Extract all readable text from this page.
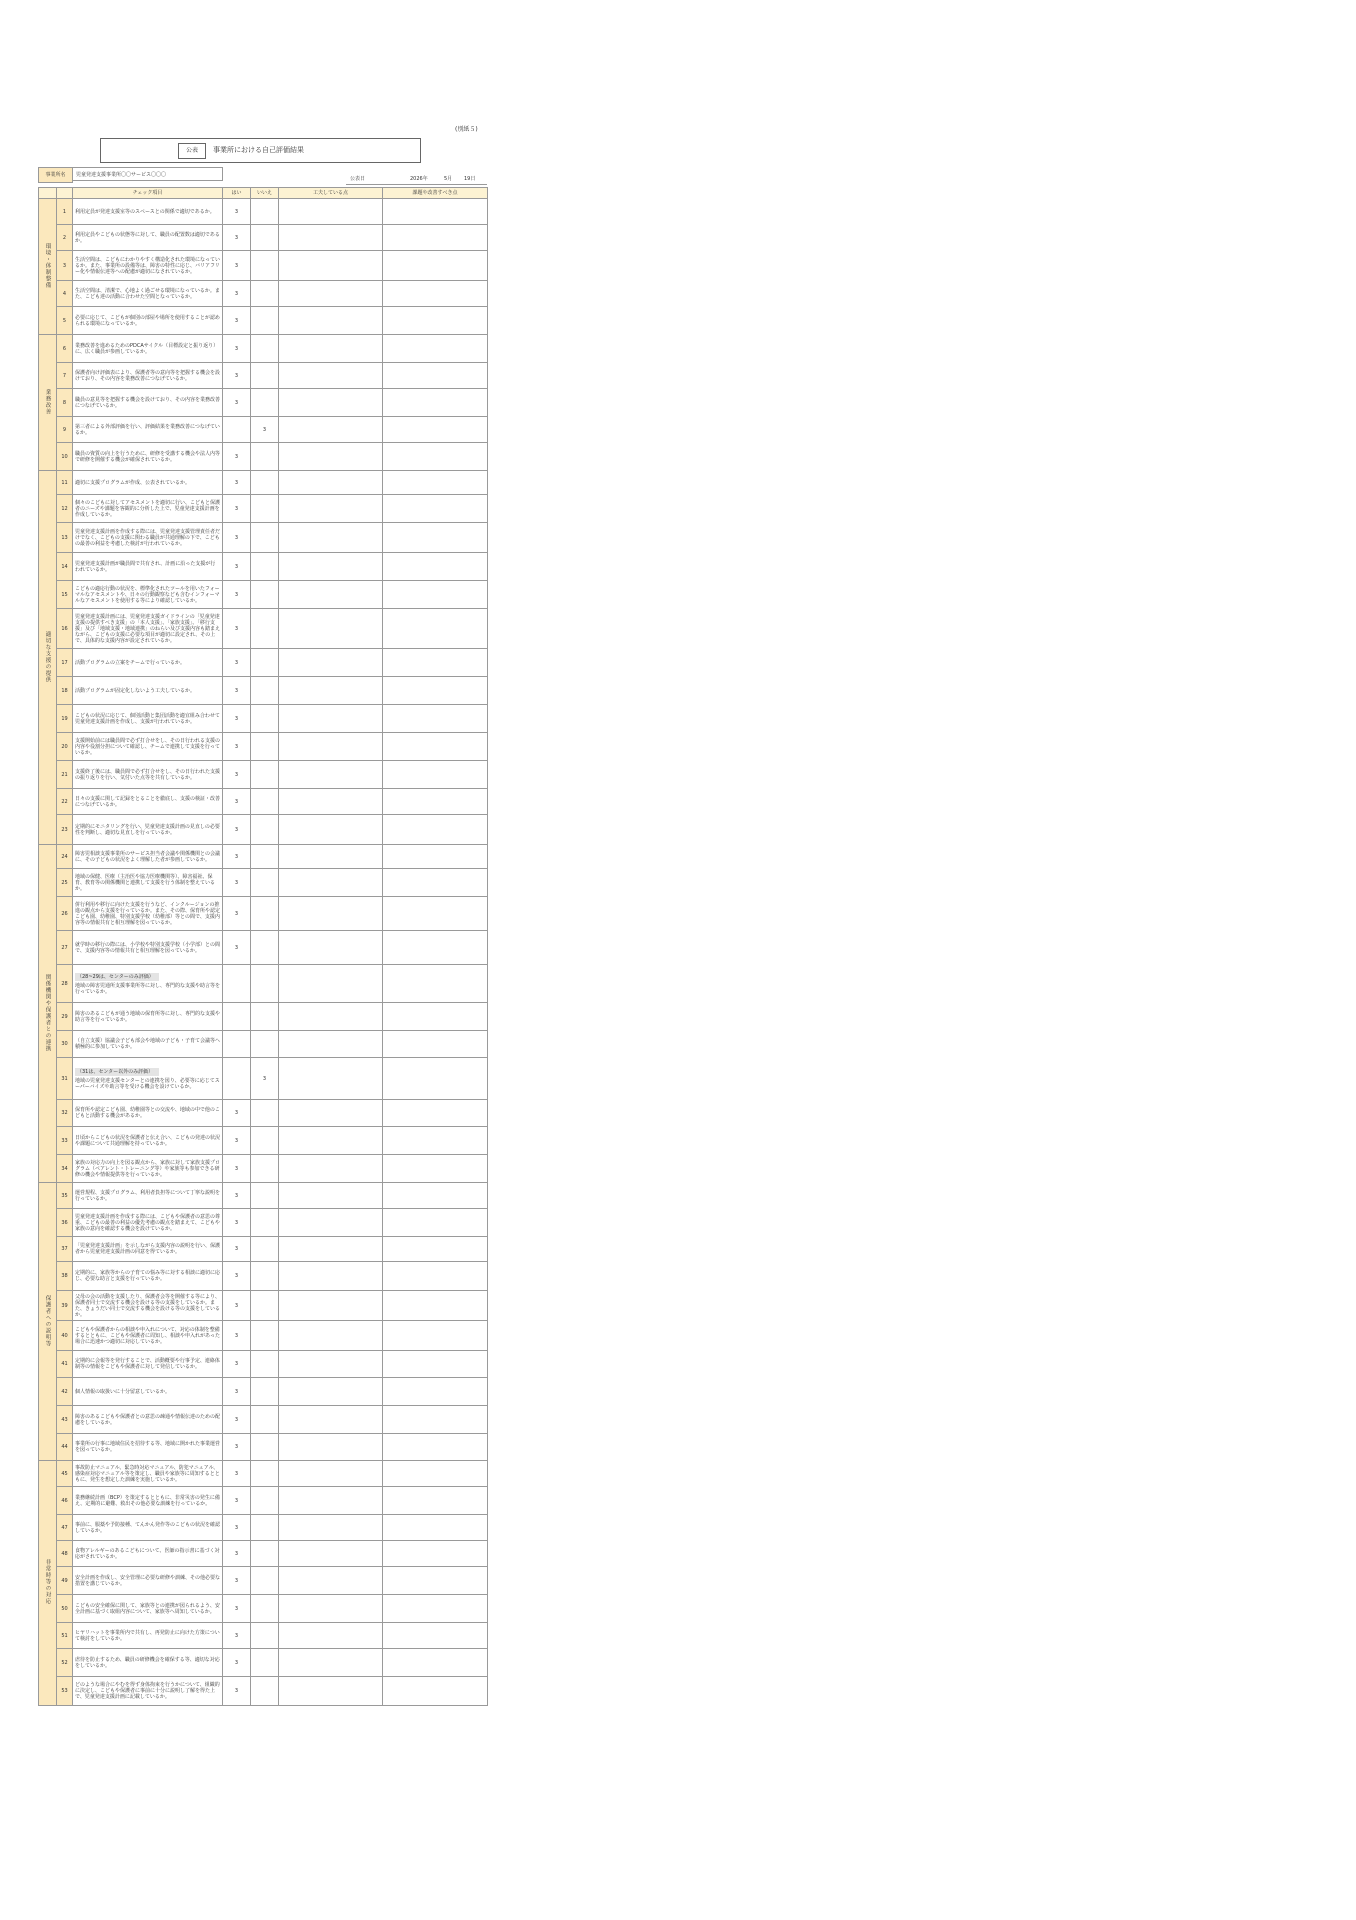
(別紙５)
公表	事業所における自己評価結果
事業所名	児童発達支援事業所〇〇サービス〇〇〇
公表日	2026年	5月 19日
		チェック項目	はい	いいえ	工夫している点	課題や改善すべき点
環境・体制整備	1	利用定員が発達支援室等のスペースとの関係で適切であるか。	3			
	2	利用定員やこどもの状態等に対して、職員の配置数は適切であるか。	3			
	3	生活空間は、こどもにわかりやすく構造化された環境になっているか。また、事業所の設備等は、障害の特性に応じ、バリアフリー化や情報伝達等への配慮が適切になされているか。	3			
	4	生活空間は、清潔で、心地よく過ごせる環境になっているか。また、こども達の活動に合わせた空間となっているか。	3			
	5	必要に応じて、こどもが個別の部屋や場所を使用することが認められる環境になっているか。	3			
業務改善	6	業務改善を進めるためのPDCAサイクル（目標設定と振り返り）に、広く職員が参画しているか。	3			
	7	保護者向け評価表により、保護者等の意向等を把握する機会を設けており、その内容を業務改善につなげているか。	3			
	8	職員の意見等を把握する機会を設けており、その内容を業務改善につなげているか。	3			
	9	第三者による外部評価を行い、評価結果を業務改善につなげているか。		3		
	10	職員の資質の向上を行うために、研修を受講する機会や法人内等で研修を開催する機会が確保されているか。	3			
適切な支援の提供	11	適切に支援プログラムが作成、公表されているか。	3			
	12	個々のこどもに対してアセスメントを適切に行い、こどもと保護者のニーズや課題を客観的に分析した上で、児童発達支援計画を作成しているか。	3			
	13	児童発達支援計画を作成する際には、児童発達支援管理責任者だけでなく、こどもの支援に関わる職員が共通理解の下で、こどもの最善の利益を考慮した検討が行われているか。	3			
	14	児童発達支援計画が職員間で共有され、計画に沿った支援が行われているか。	3			
	15	こどもの適応行動の状況を、標準化されたツールを用いたフォーマルなアセスメントや、日々の行動観察なども含むインフォーマルなアセスメントを使用する等により確認しているか。	3			
	16	児童発達支援計画には、児童発達支援ガイドラインの「児童発達支援の提供すべき支援」の「本人支援」、「家族支援」、「移行支援」及び「地域支援・地域連携」のねらい及び支援内容も踏まえながら、こどもの支援に必要な項目が適切に設定され、その上で、具体的な支援内容が設定されているか。	3			
	17	活動プログラムの立案をチームで行っているか。	3			
	18	活動プログラムが固定化しないよう工夫しているか。	3			
	19	こどもの状況に応じて、個別活動と集団活動を適宜組み合わせて児童発達支援計画を作成し、支援が行われているか。	3			
	20	支援開始前には職員間で必ず打合せをし、その日行われる支援の内容や役割分担について確認し、チームで連携して支援を行っているか。	3			
	21	支援終了後には、職員間で必ず打合せをし、その日行われた支援の振り返りを行い、気付いた点等を共有しているか。	3			
	22	日々の支援に関して記録をとることを徹底し、支援の検証・改善につなげているか。	3			
	23	定期的にモニタリングを行い、児童発達支援計画の見直しの必要性を判断し、適切な見直しを行っているか。	3			
関係機関や保護者との連携	24	障害児相談支援事業所のサービス担当者会議や関係機関との会議に、その子どもの状況をよく理解した者が参画しているか。	3			
	25	地域の保健、医療（主治医や協力医療機関等）、障害福祉、保育、教育等の関係機関と連携して支援を行う体制を整えているか。	3			
	26	併行利用や移行に向けた支援を行うなど、インクルージョンの推進の観点から支援を行っているか。また、その際、保育所や認定こども園、幼稚園、特別支援学校（幼稚部）等との間で、支援内容等の情報共有と相互理解を図っているか。	3			
	27	就学時の移行の際には、小学校や特別支援学校（小学部）との間で、支援内容等の情報共有と相互理解を図っているか。	3			
	28	（28~29は、センターのみ評価）
地域の障害児通所支援事業所等に対し、専門的な支援や助言等を行っているか。				

	29	障害のあるこどもが通う地域の保育所等に対し、専門的な支援や助言等を行っているか。				

	30	（自立支援）協議会子ども部会や地域の子ども・子育て会議等へ積極的に参加しているか。				

	31	（31は、センター以外のみ評価）
地域の児童発達支援センターとの連携を図り、必要等に応じてスーパーバイズや助言等を受ける機会を設けているか。		3		
	32	保育所や認定こども園、幼稚園等との交流や、地域の中で他のこどもと活動する機会があるか。	3			
	33	日頃からこどもの状況を保護者と伝え合い、こどもの発達の状況や課題について共通理解を持っているか。	3			
	34	家族の対応力の向上を図る観点から、家族に対して家族支援プログラム（ペアレント・トレーニング等）や家族等も参加できる研修の機会や情報提供等を行っているか。	3			
保護者への説明等	35	運営規程、支援プログラム、利用者負担等について丁寧な説明を行っているか。	3			
	36	児童発達支援計画を作成する際には、こどもや保護者の意思の尊重、こどもの最善の利益の優先考慮の観点を踏まえて、こどもや家族の意向を確認する機会を設けているか。	3			
	37	「児童発達支援計画」を示しながら支援内容の説明を行い、保護者から児童発達支援計画の同意を得ているか。	3			
	38	定期的に、家族等からの子育ての悩み等に対する相談に適切に応じ、必要な助言と支援を行っているか。	3			
	39	父母の会の活動を支援したり、保護者会等を開催する等により、保護者同士で交流する機会を設ける等の支援をしているか。また、きょうだい同士で交流する機会を設ける等の支援をしているか。	3			
	40	こどもや保護者からの相談や申入れについて、対応の体制を整備するとともに、こどもや保護者に周知し、相談や申入れがあった場合に迅速かつ適切に対応しているか。	3			
	41	定期的に会報等を発行することで、活動概要や行事予定、連絡体制等の情報をこどもや保護者に対して発信しているか。	3			
	42	個人情報の取扱いに十分留意しているか。	3			
	43	障害のあるこどもや保護者との意思の疎通や情報伝達のための配慮をしているか。	3			
	44	事業所の行事に地域住民を招待する等、地域に開かれた事業運営を図っているか。	3			
非常時等の対応	45	事故防止マニュアル、緊急時対応マニュアル、防犯マニュアル、感染症対応マニュアル等を策定し、職員や家族等に周知するとともに、発生を想定した訓練を実施しているか。	3			
	46	業務継続計画（BCP）を策定するとともに、非常災害の発生に備え、定期的に避難、救出その他必要な訓練を行っているか。	3			
	47	事前に、服薬や予防接種、てんかん発作等のこどもの状況を確認しているか。	3			
	48	食物アレルギーのあるこどもについて、医師の指示書に基づく対応がされているか。	3			
	49	安全計画を作成し、安全管理に必要な研修や訓練、その他必要な措置を講じているか。	3			
	50	こどもの安全確保に関して、家族等との連携が図られるよう、安全計画に基づく取組内容について、家族等へ周知しているか。	3			
	51	ヒヤリハットを事業所内で共有し、再発防止に向けた方策について検討をしているか。	3			
	52	虐待を防止するため、職員の研修機会を確保する等、適切な対応をしているか。	3			
	53	どのような場合にやむを得ず身体拘束を行うかについて、組織的に決定し、こどもや保護者に事前に十分に説明し了解を得た上で、児童発達支援計画に記載しているか。	3			
